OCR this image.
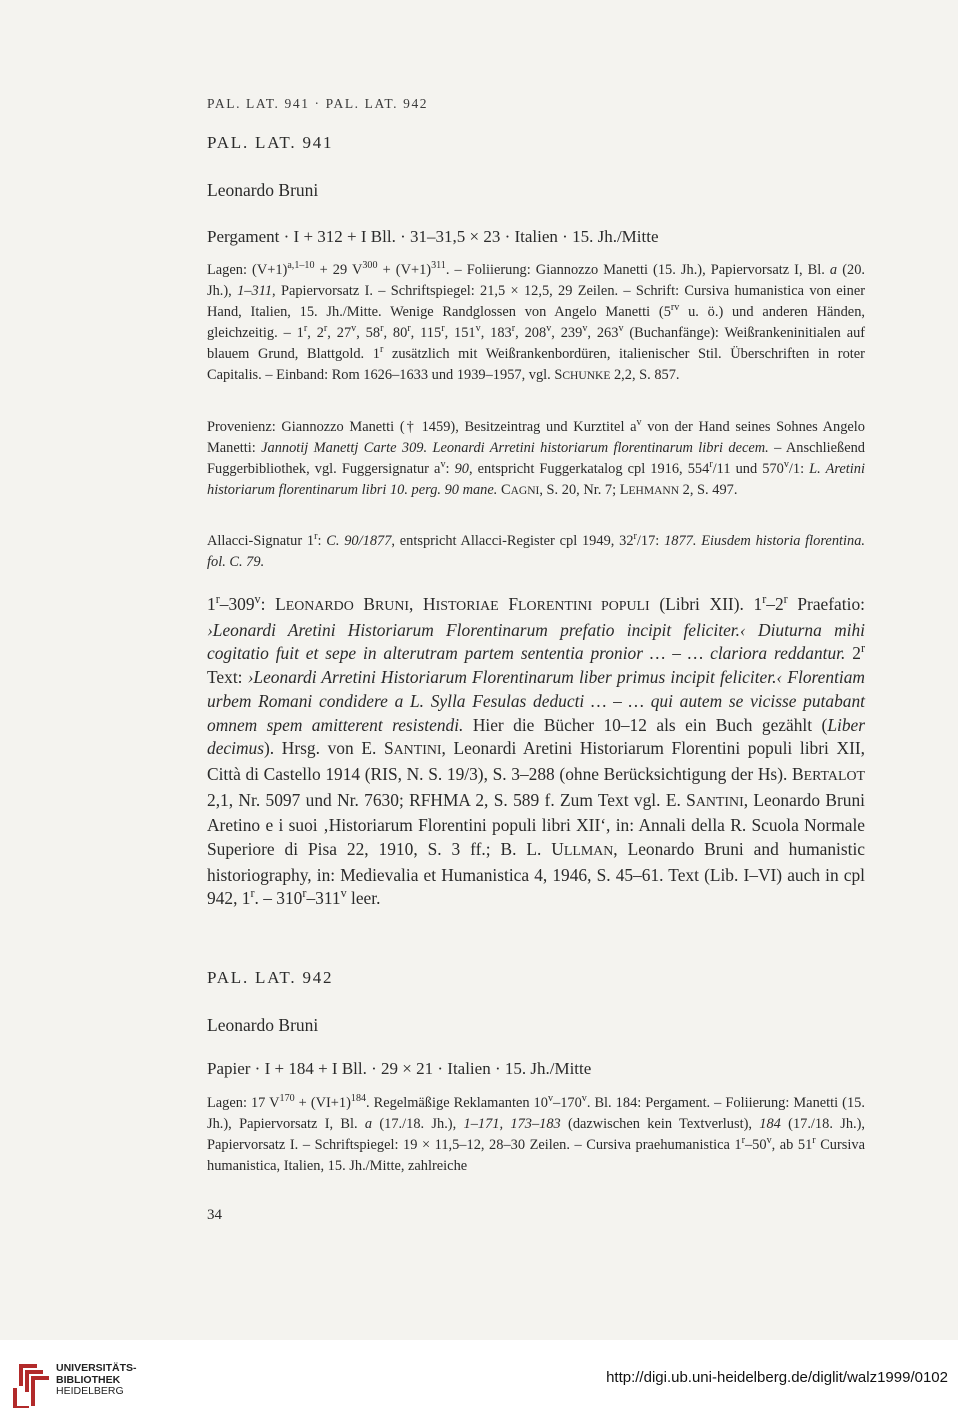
PAL. LAT. 941 · PAL. LAT. 942
PAL. LAT. 941
Leonardo Bruni
Pergament · I + 312 + I Bll. · 31–31,5 × 23 · Italien · 15. Jh./Mitte
Lagen: $(V+1)^{a,1-10} + 29$ $V^{300} + (V+1)^{311}$. – Foliierung: Giannozzo Manetti (15. Jh.), Papiervorsatz I, Bl. a (20. Jh.), 1–311, Papiervorsatz I. – Schriftspiegel: 21,5 × 12,5, 29 Zeilen. – Schrift: Cursiva humanistica von einer Hand, Italien, 15. Jh./Mitte. Wenige Randglossen von Angelo Manetti ($5^{rv}$ u. ö.) und anderen Händen, gleichzeitig. – 1$^r$, 2$^r$, 27$^v$, 58$^r$, 80$^r$, 115$^r$, 151$^v$, 183$^r$, 208$^v$, 239$^v$, 263$^v$ (Buchanfänge): Weißrankeninitialen auf blauem Grund, Blattgold. 1$^r$ zusätzlich mit Weißrankenbordüren, italienischer Stil. Überschriften in roter Capitalis. – Einband: Rom 1626–1633 und 1939–1957, vgl. SCHUNKE 2,2, S. 857.
Provenienz: Giannozzo Manetti († 1459), Besitzeintrag und Kurztitel $a^v$ von der Hand seines Sohnes Angelo Manetti: Jannotij Manettj Carte 309. Leonardi Arretini historiarum florentinarum libri decem. – Anschließend Fuggerbibliothek, vgl. Fuggersignatur $a^v$: 90, entspricht Fuggerkatalog cpl 1916, 554$^r$/11 und 570$^v$/1: L. Aretini historiarum florentinarum libri 10. perg. 90 mane. CAGNI, S. 20, Nr. 7; LEHMANN 2, S. 497.
Allacci-Signatur 1$^r$: C. 90/1877, entspricht Allacci-Register cpl 1949, 32$^r$/17: 1877. Eiusdem historia florentina. fol. C. 79.
1$^r$–309$^v$: LEONARDO BRUNI, HISTORIAE FLORENTINI POPULI (Libri XII). 1$^r$–2$^r$ Praefatio: ›Leonardi Aretini Historiarum Florentinarum prefatio incipit feliciter.‹ Diuturna mihi cogitatio fuit et sepe in alterutram partem sententia pronior … – … clariora reddantur. 2$^r$ Text: ›Leonardi Arretini Historiarum Florentinarum liber primus incipit feliciter.‹ Florentiam urbem Romani condidere a L. Sylla Fesulas deducti … – … qui autem se vicisse putabant omnem spem amitterent resistendi. Hier die Bücher 10–12 als ein Buch gezählt (Liber decimus). Hrsg. von E. SANTINI, Leonardi Aretini Historiarum Florentini populi libri XII, Città di Castello 1914 (RIS, N. S. 19/3), S. 3–288 (ohne Berücksichtigung der Hs). BERTALOT 2,1, Nr. 5097 und Nr. 7630; RFHMA 2, S. 589 f. Zum Text vgl. E. SANTINI, Leonardo Bruni Aretino e i suoi ‚Historiarum Florentini populi libri XII‘, in: Annali della R. Scuola Normale Superiore di Pisa 22, 1910, S. 3 ff.; B. L. ULLMAN, Leonardo Bruni and humanistic historiography, in: Medievalia et Humanistica 4, 1946, S. 45–61. Text (Lib. I–VI) auch in cpl 942, 1$^r$. – 310$^r$–311$^v$ leer.
PAL. LAT. 942
Leonardo Bruni
Papier · I + 184 + I Bll. · 29 × 21 · Italien · 15. Jh./Mitte
Lagen: 17 $V^{170} + (VI+1)^{184}$. Regelmäßige Reklamanten 10$^v$–170$^v$. Bl. 184: Pergament. – Foliierung: Manetti (15. Jh.), Papiervorsatz I, Bl. a (17./18. Jh.), 1–171, 173–183 (dazwischen kein Textverlust), 184 (17./18. Jh.), Papiervorsatz I. – Schriftspiegel: 19 × 11,5–12, 28–30 Zeilen. – Cursiva praehumanistica 1$^r$–50$^v$, ab 51$^r$ Cursiva humanistica, Italien, 15. Jh./Mitte, zahlreiche
34
UNIVERSITÄTS-
BIBLIOTHEK
HEIDELBERG
http://digi.ub.uni-heidelberg.de/diglit/walz1999/0102
